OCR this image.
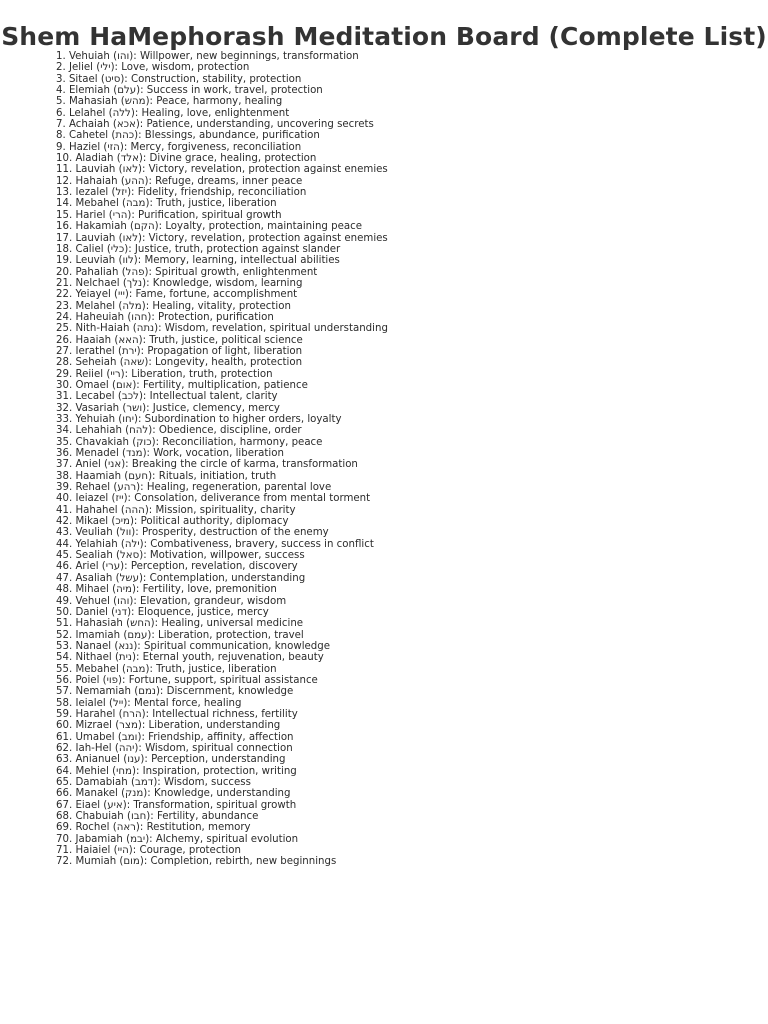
Shem HaMephorash Meditation Board (Complete List)
1. Vehuiah (והו): Willpower, new beginnings, transformation
2. Jeliel (ילי): Love, wisdom, protection
3. Sitael (סיט): Construction, stability, protection
4. Elemiah (עלם): Success in work, travel, protection
5. Mahasiah (מהש): Peace, harmony, healing
6. Lelahel (ללה): Healing, love, enlightenment
7. Achaiah (אכא): Patience, understanding, uncovering secrets
8. Cahetel (כהת): Blessings, abundance, purification
9. Haziel (הזי): Mercy, forgiveness, reconciliation
10. Aladiah (אלד): Divine grace, healing, protection
11. Lauviah (לאו): Victory, revelation, protection against enemies
12. Hahaiah (ההע): Refuge, dreams, inner peace
13. Iezalel (יזל): Fidelity, friendship, reconciliation
14. Mebahel (מבה): Truth, justice, liberation
15. Hariel (הרי): Purification, spiritual growth
16. Hakamiah (הקם): Loyalty, protection, maintaining peace
17. Lauviah (לאו): Victory, revelation, protection against enemies
18. Caliel (כלי): Justice, truth, protection against slander
19. Leuviah (לוו): Memory, learning, intellectual abilities
20. Pahaliah (פהל): Spiritual growth, enlightenment
21. Nelchael (נלך): Knowledge, wisdom, learning
22. Yeiayel (ייי): Fame, fortune, accomplishment
23. Melahel (מלה): Healing, vitality, protection
24. Haheuiah (חהו): Protection, purification
25. Nith-Haiah (נתה): Wisdom, revelation, spiritual understanding
26. Haaiah (האא): Truth, justice, political science
27. Ierathel (ירת): Propagation of light, liberation
28. Seheiah (שאה): Longevity, health, protection
29. Reiiel (ריי): Liberation, truth, protection
30. Omael (אום): Fertility, multiplication, patience
31. Lecabel (לכב): Intellectual talent, clarity
32. Vasariah (ושר): Justice, clemency, mercy
33. Yehuiah (יחו): Subordination to higher orders, loyalty
34. Lehahiah (להח): Obedience, discipline, order
35. Chavakiah (כוק): Reconciliation, harmony, peace
36. Menadel (מנד): Work, vocation, liberation
37. Aniel (אני): Breaking the circle of karma, transformation
38. Haamiah (חעם): Rituals, initiation, truth
39. Rehael (רהע): Healing, regeneration, parental love
40. Ieiazel (ייז): Consolation, deliverance from mental torment
41. Hahahel (ההה): Mission, spirituality, charity
42. Mikael (מיכ): Political authority, diplomacy
43. Veuliah (וול): Prosperity, destruction of the enemy
44. Yelahiah (ילה): Combativeness, bravery, success in conflict
45. Sealiah (סאל): Motivation, willpower, success
46. Ariel (ערי): Perception, revelation, discovery
47. Asaliah (עשל): Contemplation, understanding
48. Mihael (מיה): Fertility, love, premonition
49. Vehuel (והו): Elevation, grandeur, wisdom
50. Daniel (דני): Eloquence, justice, mercy
51. Hahasiah (החש): Healing, universal medicine
52. Imamiah (עמם): Liberation, protection, travel
53. Nanael (ננא): Spiritual communication, knowledge
54. Nithael (נית): Eternal youth, rejuvenation, beauty
55. Mebahel (מבה): Truth, justice, liberation
56. Poiel (פוי): Fortune, support, spiritual assistance
57. Nemamiah (נמם): Discernment, knowledge
58. Ieialel (ייל): Mental force, healing
59. Harahel (הרח): Intellectual richness, fertility
60. Mizrael (מצר): Liberation, understanding
61. Umabel (ומב): Friendship, affinity, affection
62. Iah-Hel (יהה): Wisdom, spiritual connection
63. Anianuel (ענו): Perception, understanding
64. Mehiel (מחי): Inspiration, protection, writing
65. Damabiah (דמב): Wisdom, success
66. Manakel (מנק): Knowledge, understanding
67. Eiael (איע): Transformation, spiritual growth
68. Chabuiah (חבו): Fertility, abundance
69. Rochel (ראה): Restitution, memory
70. Jabamiah (יבמ): Alchemy, spiritual evolution
71. Haiaiel (היי): Courage, protection
72. Mumiah (מום): Completion, rebirth, new beginnings
